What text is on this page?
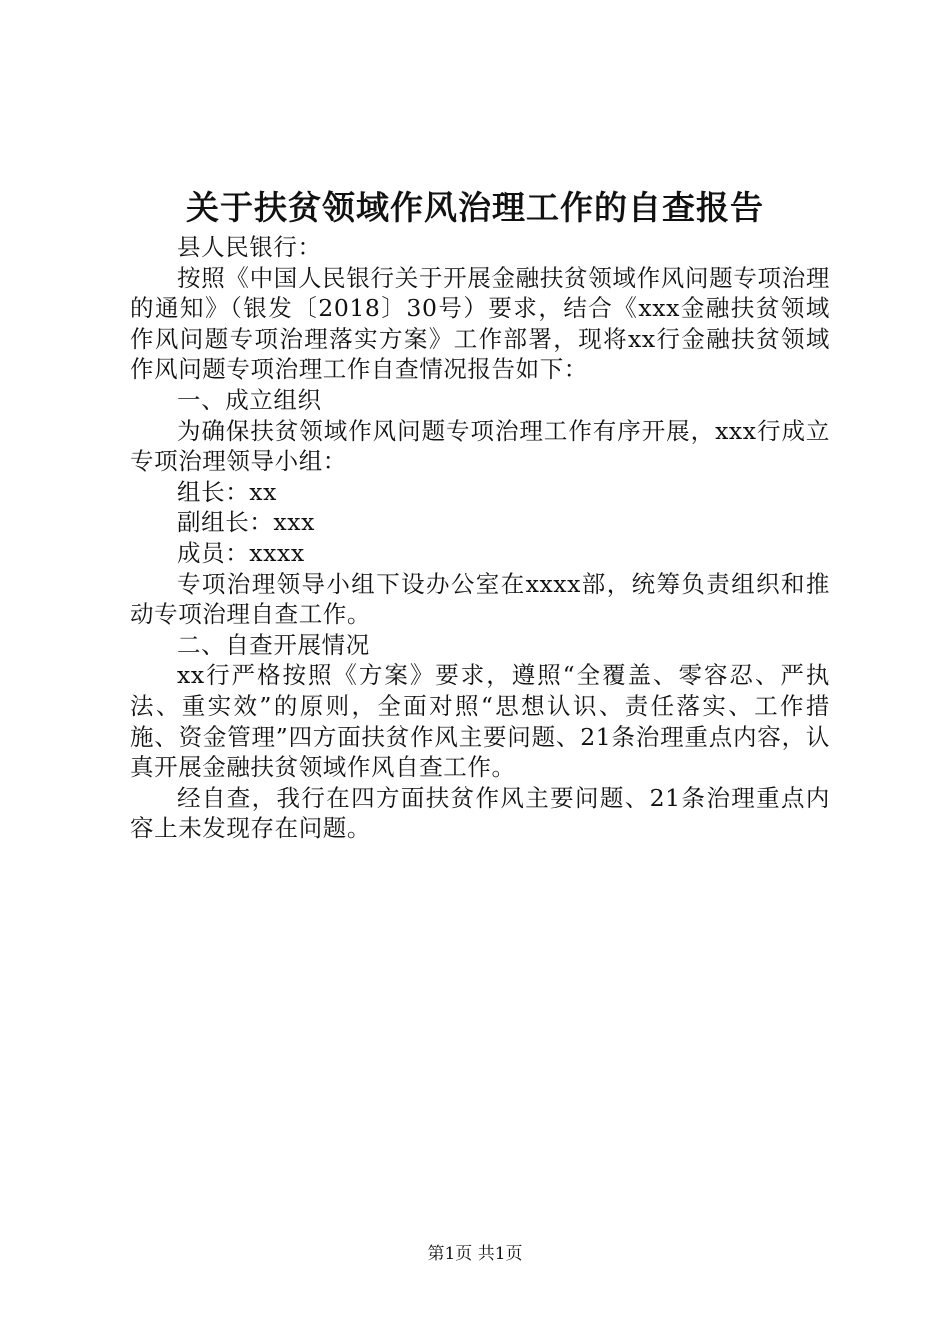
关于扶贫领域作风治理工作的自查报告

县人民银行：

按照《中国人民银行关于开展金融扶贫领域作风问题专项治理的通知》（银发〔2018〕30号）要求，结合《xxx金融扶贫领域作风问题专项治理落实方案》工作部署，现将xx行金融扶贫领域作风问题专项治理工作自查情况报告如下：

一、成立组织

为确保扶贫领域作风问题专项治理工作有序开展，xxx行成立专项治理领导小组：

组长：xx

副组长：xxx

成员：xxxx

专项治理领导小组下设办公室在xxxx部，统筹负责组织和推动专项治理自查工作。

二、自查开展情况

xx行严格按照《方案》要求，遵照“全覆盖、零容忍、严执法、重实效”的原则，全面对照“思想认识、责任落实、工作措施、资金管理”四方面扶贫作风主要问题、21条治理重点内容，认真开展金融扶贫领域作风自查工作。

经自查，我行在四方面扶贫作风主要问题、21条治理重点内容上未发现存在问题。

第1页 共1页
